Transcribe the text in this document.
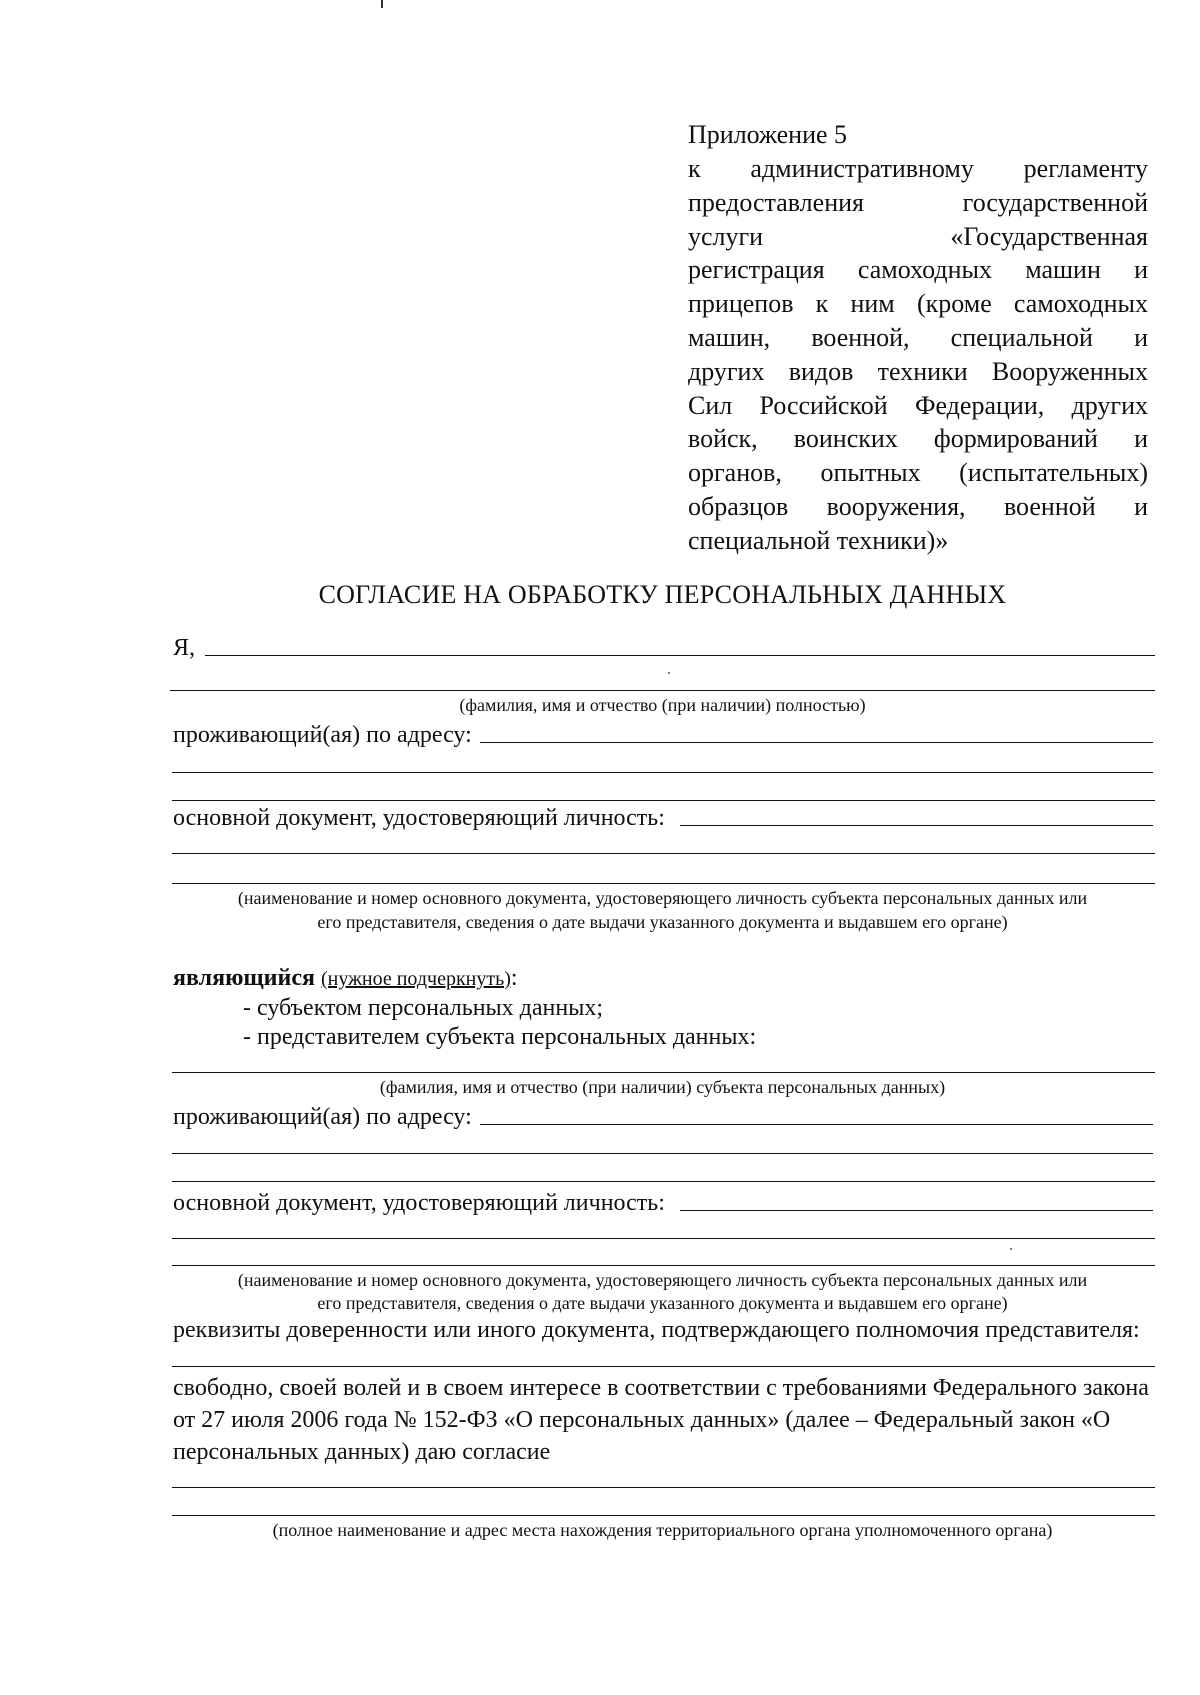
Приложение 5
к административному регламенту
предоставления государственной
услуги «Государственная
регистрация самоходных машин и
прицепов к ним (кроме самоходных
машин, военной, специальной и
других видов техники Вооруженных
Сил Российской Федерации, других
войск, воинских формирований и
органов, опытных (испытательных)
образцов вооружения, военной и
специальной техники)»
СОГЛАСИЕ НА ОБРАБОТКУ ПЕРСОНАЛЬНЫХ ДАННЫХ
Я,
(фамилия, имя и отчество (при наличии) полностью)
проживающий(ая) по адресу:
основной документ, удостоверяющий личность:
(наименование и номер основного документа, удостоверяющего личность субъекта персональных данных или
его представителя, сведения о дате выдачи указанного документа и выдавшем его органе)
являющийся (нужное подчеркнуть):
- субъектом персональных данных;
- представителем субъекта персональных данных:
(фамилия, имя и отчество (при наличии) субъекта персональных данных)
проживающий(ая) по адресу:
основной документ, удостоверяющий личность:
(наименование и номер основного документа, удостоверяющего личность субъекта персональных данных или
его представителя, сведения о дате выдачи указанного документа и выдавшем его органе)
реквизиты доверенности или иного документа, подтверждающего полномочия представителя:
свободно, своей волей и в своем интересе в соответствии с требованиями Федерального закона
от 27 июля 2006 года № 152-ФЗ «О персональных данных» (далее – Федеральный закон «О
персональных данных) даю согласие
(полное наименование и адрес места нахождения территориального органа уполномоченного органа)
